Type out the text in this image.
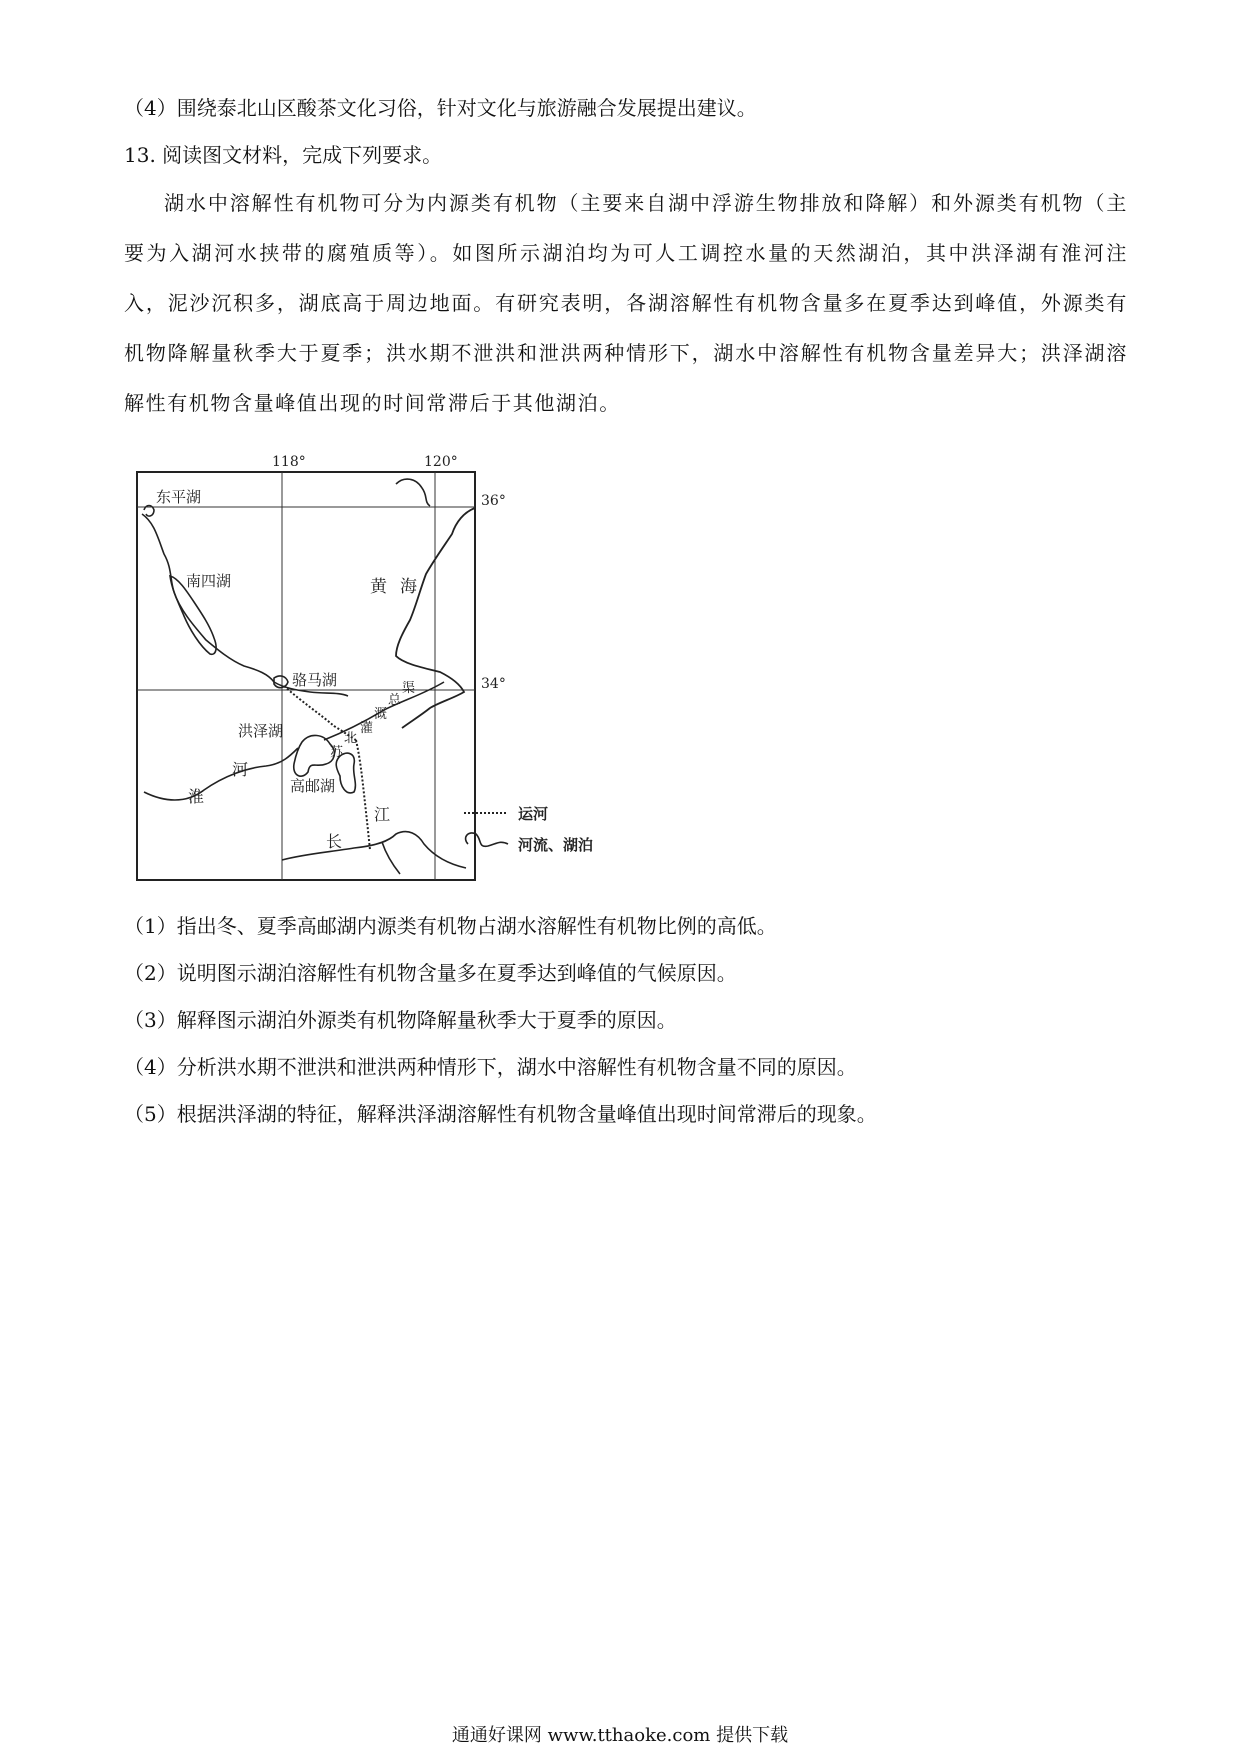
（4）围绕泰北山区酸茶文化习俗，针对文化与旅游融合发展提出建议。
13. 阅读图文材料，完成下列要求。

湖水中溶解性有机物可分为内源类有机物（主要来自湖中浮游生物排放和降解）和外源类有机物（主要为入湖河水挟带的腐殖质等）。如图所示湖泊均为可人工调控水量的天然湖泊，其中洪泽湖有淮河注入，泥沙沉积多，湖底高于周边地面。有研究表明，各湖溶解性有机物含量多在夏季达到峰值，外源类有机物降解量秋季大于夏季；洪水期不泄洪和泄洪两种情形下，湖水中溶解性有机物含量差异大；洪泽湖溶解性有机物含量峰值出现的时间常滞后于其他湖泊。

118°	120°
36°
34°
东平湖
南四湖
骆马湖
洪泽湖
高邮湖
黄 海
淮
河
长
江
苏
北
灌
溉
总
渠
运河
河流、湖泊
（1）指出冬、夏季高邮湖内源类有机物占湖水溶解性有机物比例的高低。
（2）说明图示湖泊溶解性有机物含量多在夏季达到峰值的气候原因。
（3）解释图示湖泊外源类有机物降解量秋季大于夏季的原因。
（4）分析洪水期不泄洪和泄洪两种情形下，湖水中溶解性有机物含量不同的原因。
（5）根据洪泽湖的特征，解释洪泽湖溶解性有机物含量峰值出现时间常滞后的现象。
通通好课网 www.tthaoke.com 提供下载
